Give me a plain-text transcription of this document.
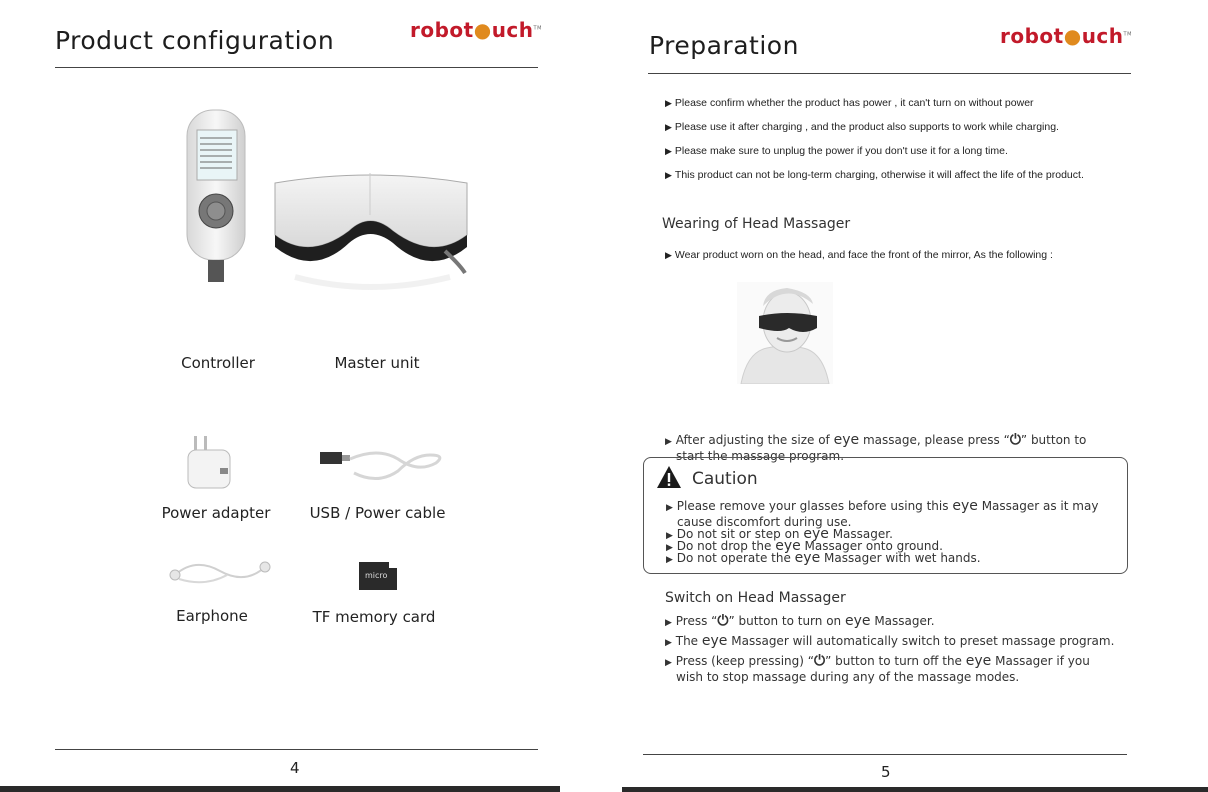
Product configuration	robot●uch™
Controller	Master unit
Power adapter	USB / Power cable
micro
Earphone	TF memory card
4
Preparation	robot●uch™
▶ Please confirm whether the product has power , it can't turn on without power
▶ Please use it after charging , and the product also supports to work while charging.
▶ Please make sure to unplug the power if you don't use it for a long time.
▶ This product can not be long-term charging, otherwise it will affect the life of the product.
Wearing of Head Massager
▶ Wear product worn on the head, and face the front of the mirror, As the following :
▶ After adjusting the size of eye massage, please press “⏻” button to
start the massage program.
Caution
▶ Please remove your glasses before using this eye Massager as it may
cause discomfort during use.
▶ Do not sit or step on eye Massager.
▶ Do not drop the eye Massager onto ground.
▶ Do not operate the eye Massager with wet hands.
Switch on Head Massager
▶ Press “⏻” button to turn on eye Massager.
▶ The eye Massager will automatically switch to preset massage program.
▶ Press (keep pressing) “⏻” button to turn off the eye Massager if you
wish to stop massage during any of the massage modes.
5
